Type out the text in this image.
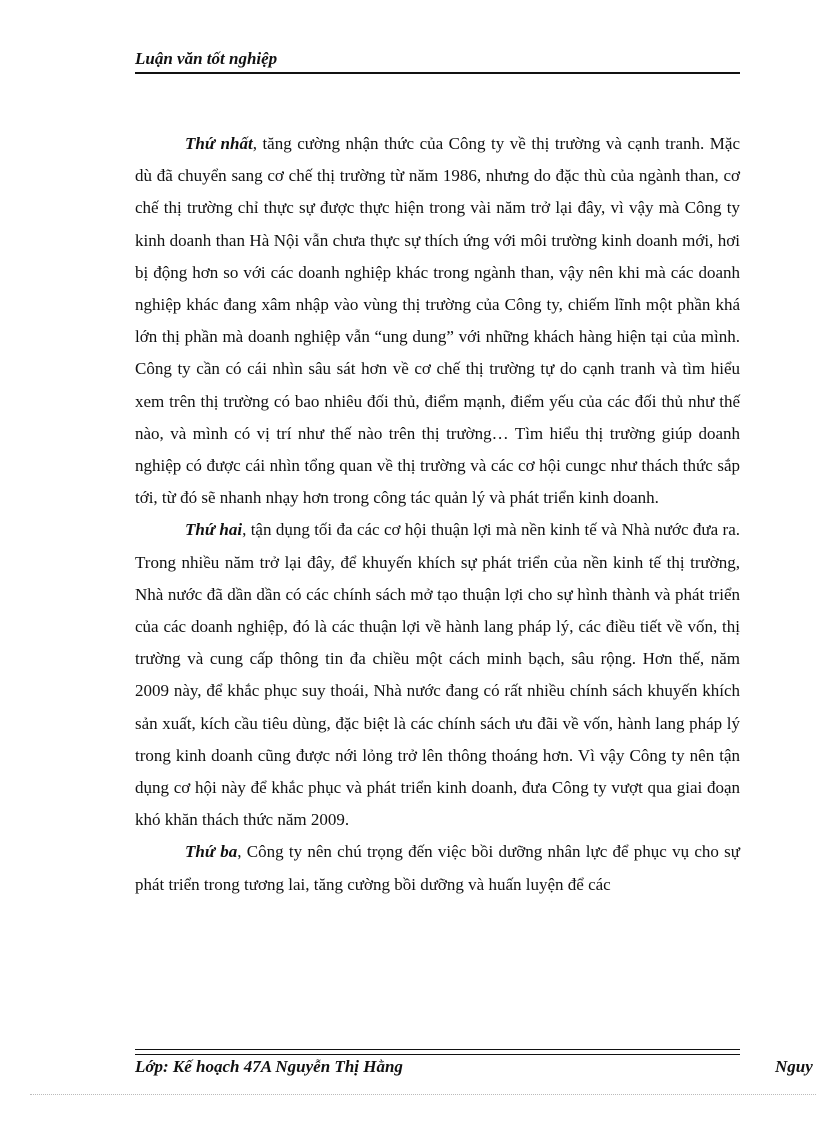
Luận văn tốt nghiệp

Thứ nhất, tăng cường nhận thức của Công ty về thị trường và cạnh tranh. Mặc dù đã chuyển sang cơ chế thị trường từ năm 1986, nhưng do đặc thù của ngành than, cơ chế thị trường chỉ thực sự được thực hiện trong vài năm trở lại đây, vì vậy mà Công ty kinh doanh than Hà Nội vẫn chưa thực sự thích ứng với môi trường kinh doanh mới, hơi bị động hơn so với các doanh nghiệp khác trong ngành than, vậy nên khi mà các doanh nghiệp khác đang xâm nhập vào vùng thị trường của Công ty, chiếm lĩnh một phần khá lớn thị phần mà doanh nghiệp vẫn “ung dung” với những khách hàng hiện tại của mình. Công ty cần có cái nhìn sâu sát hơn về cơ chế thị trường tự do cạnh tranh và tìm hiểu xem trên thị trường có bao nhiêu đối thủ, điểm mạnh, điểm yếu của các đối thủ như thế nào, và mình có vị trí như thế nào trên thị trường… Tìm hiểu thị trường giúp doanh nghiệp có được cái nhìn tổng quan về thị trường và các cơ hội cungc như thách thức sắp tới, từ đó sẽ nhanh nhạy hơn trong công tác quản lý và phát triển kinh doanh.

Thứ hai, tận dụng tối đa các cơ hội thuận lợi mà nền kinh tế và Nhà nước đưa ra. Trong nhiều năm trở lại đây, để khuyến khích sự phát triển của nền kinh tế thị trường, Nhà nước đã dần dần có các chính sách mở tạo thuận lợi cho sự hình thành và phát triển của các doanh nghiệp, đó là các thuận lợi về hành lang pháp lý, các điều tiết về vốn, thị trường và cung cấp thông tin đa chiều một cách minh bạch, sâu rộng. Hơn thế, năm 2009 này, để khắc phục suy thoái, Nhà nước đang có rất nhiều chính sách khuyến khích sản xuất, kích cầu tiêu dùng, đặc biệt là các chính sách ưu đãi về vốn, hành lang pháp lý trong kinh doanh cũng được nới lỏng trở lên thông thoáng hơn. Vì vậy Công ty nên tận dụng cơ hội này để khắc phục và phát triển kinh doanh, đưa Công ty vượt qua giai đoạn khó khăn thách thức năm 2009.

Thứ ba, Công ty nên chú trọng đến việc bồi dưỡng nhân lực để phục vụ cho sự phát triển trong tương lai, tăng cường bồi dưỡng và huấn luyện để các

Lớp: Kế hoạch 47A Nguyễn Thị Hằng	Nguy
